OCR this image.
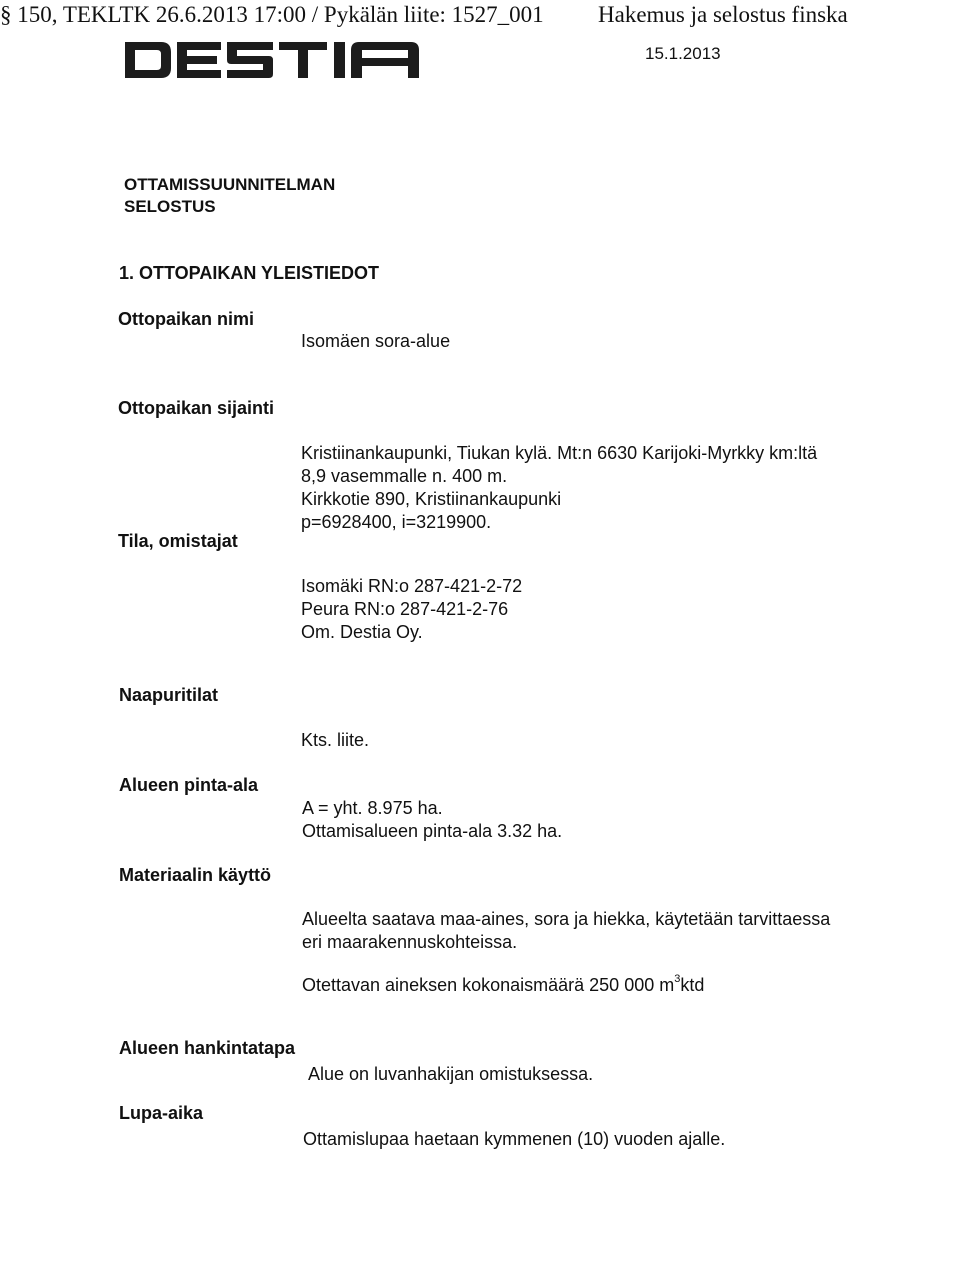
§ 150, TEKLTK 26.6.2013 17:00 / Pykälän liite: 1527_001 Hakemus ja selostus finska
15.1.2013
OTTAMISSUUNNITELMAN
SELOSTUS
1. OTTOPAIKAN YLEISTIEDOT
Ottopaikan nimi
Isomäen sora-alue
Ottopaikan sijainti
Kristiinankaupunki, Tiukan kylä. Mt:n 6630 Karijoki-Myrkky km:ltä
8,9 vasemmalle n. 400 m.
Kirkkotie 890, Kristiinankaupunki
p=6928400, i=3219900.
Tila, omistajat
Isomäki RN:o 287-421-2-72
Peura RN:o 287-421-2-76
Om. Destia Oy.
Naapuritilat
Kts. liite.
Alueen pinta-ala
A = yht. 8.975 ha.
Ottamisalueen pinta-ala 3.32 ha.
Materiaalin käyttö
Alueelta saatava maa-aines, sora ja hiekka, käytetään tarvittaessa
eri maarakennuskohteissa.
Otettavan aineksen kokonaismäärä 250 000 $m^3ktd$
Alueen hankintatapa
Alue on luvanhakijan omistuksessa.
Lupa-aika
Ottamislupaa haetaan kymmenen (10) vuoden ajalle.
